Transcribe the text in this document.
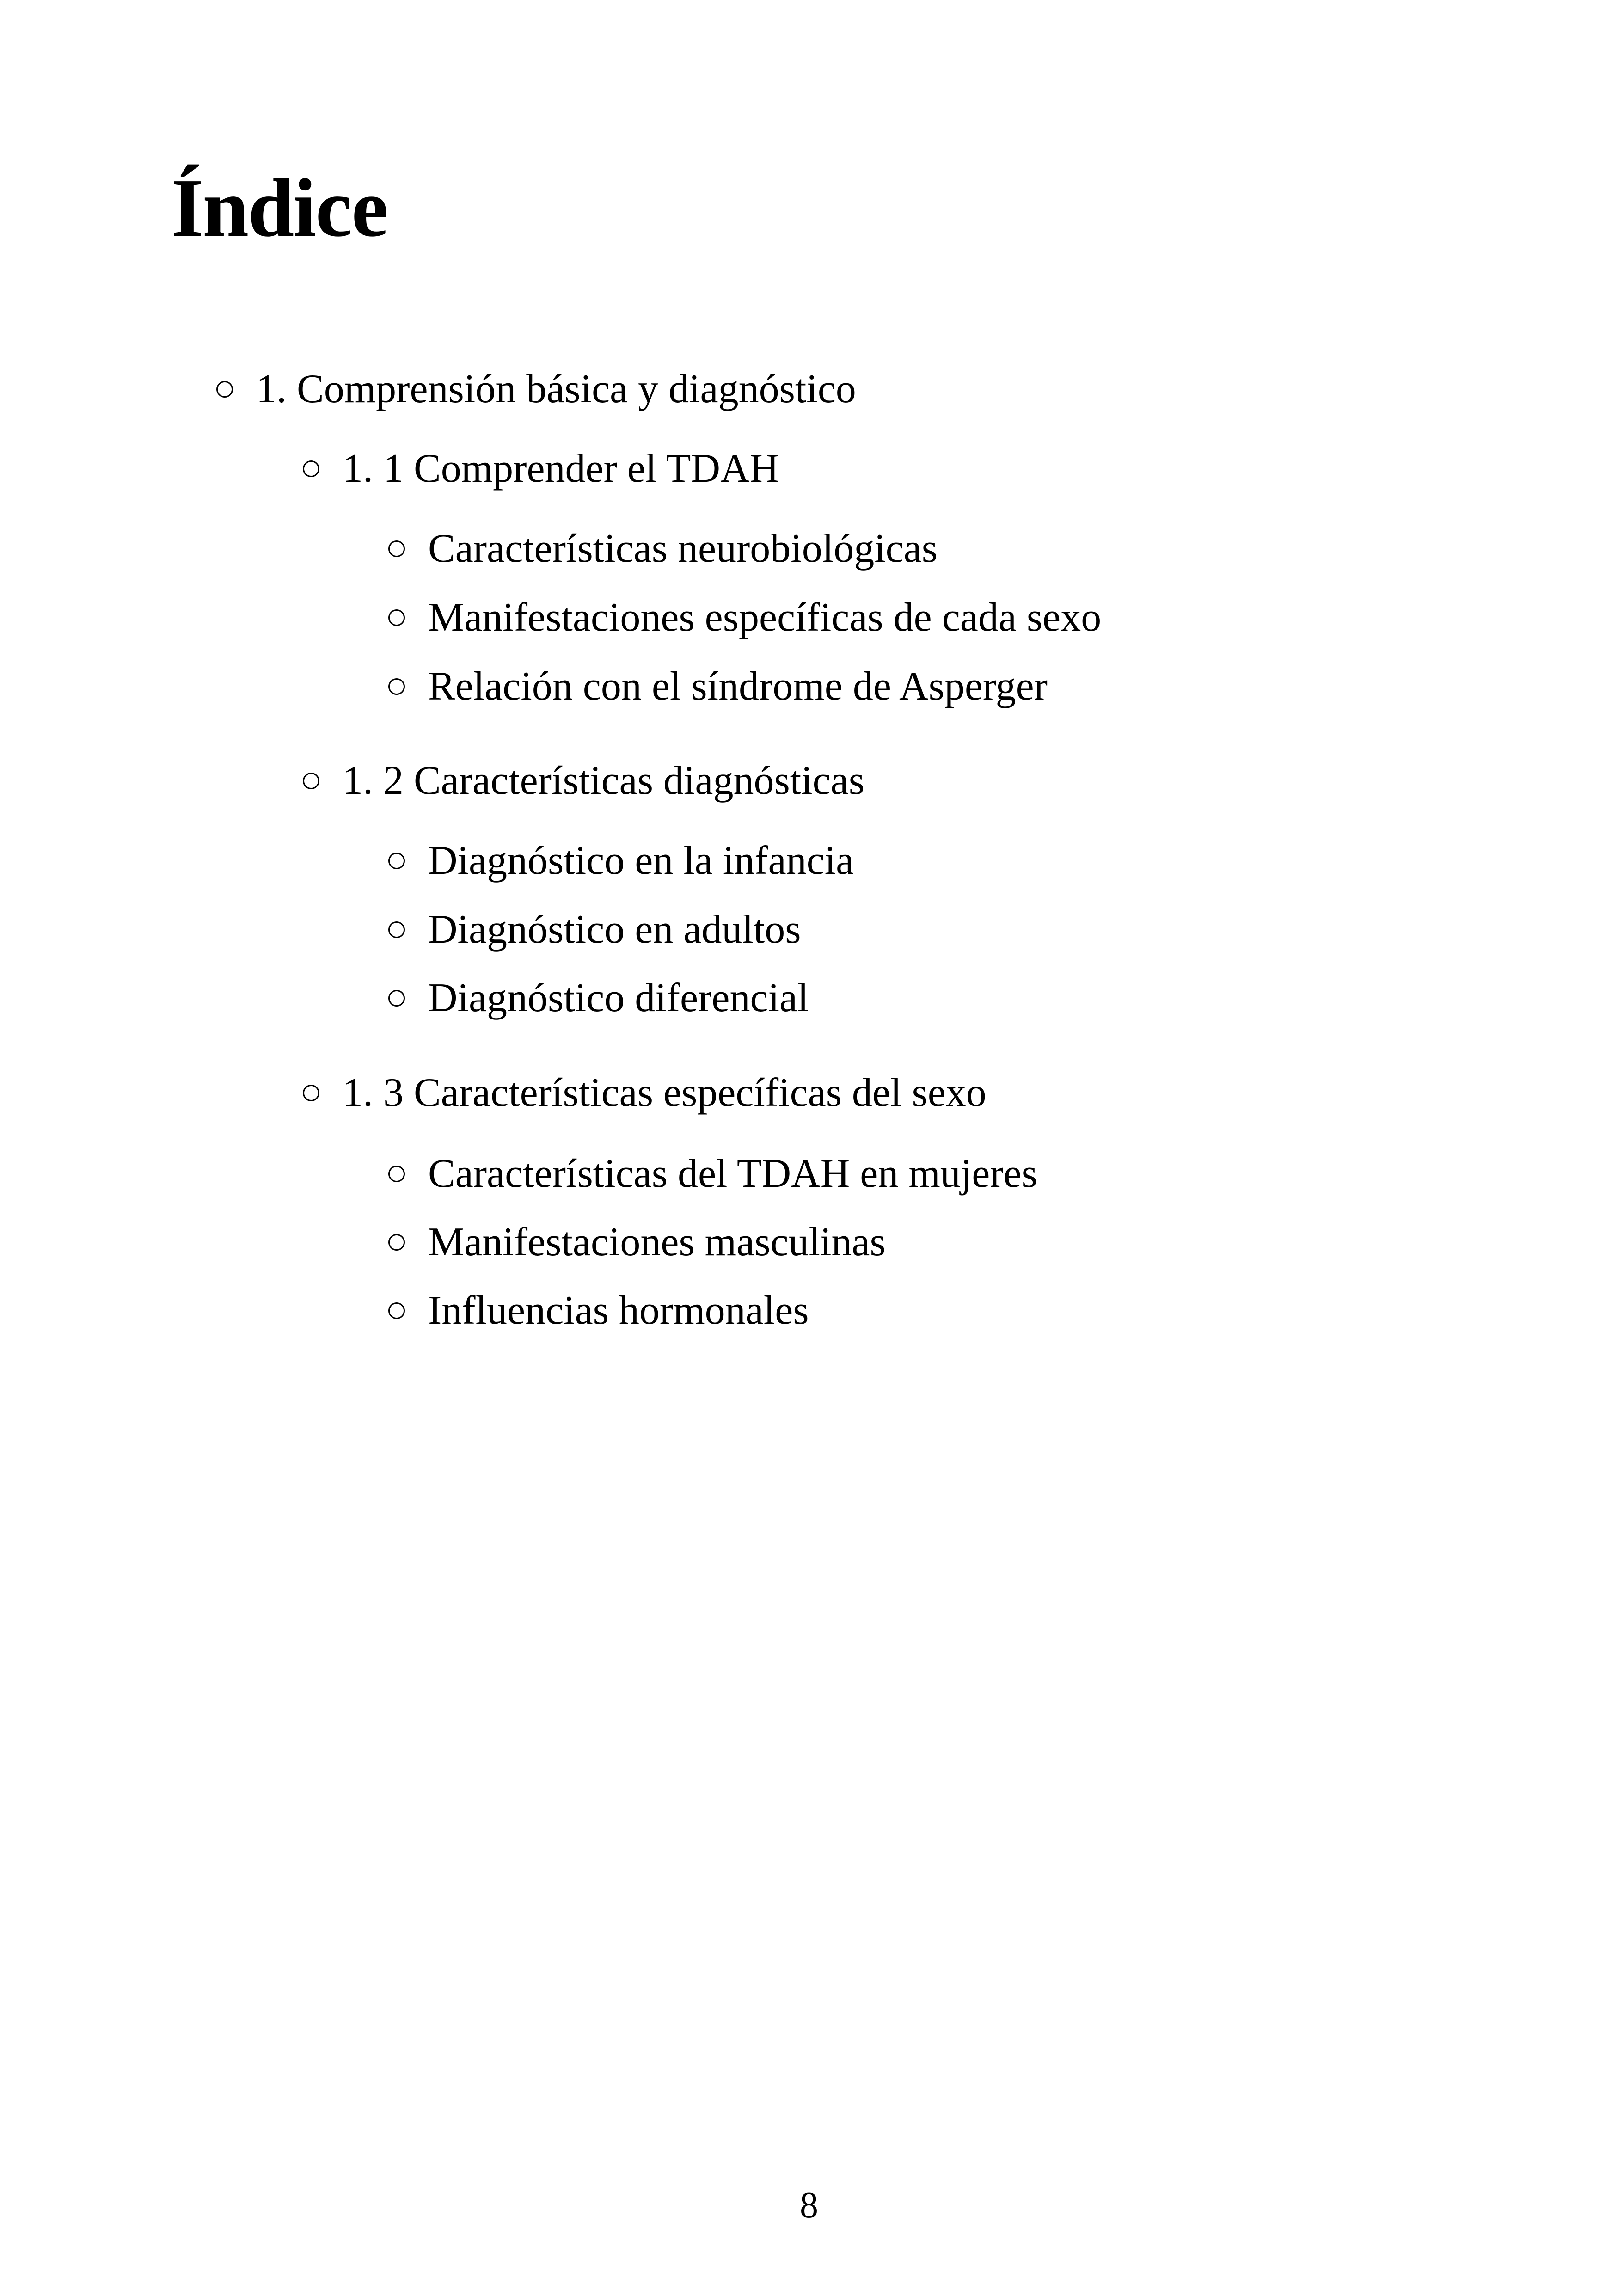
Índice
1. Comprensión básica y diagnóstico
1. 1 Comprender el TDAH
Características neurobiológicas
Manifestaciones específicas de cada sexo
Relación con el síndrome de Asperger
1. 2 Características diagnósticas
Diagnóstico en la infancia
Diagnóstico en adultos
Diagnóstico diferencial
1. 3 Características específicas del sexo
Características del TDAH en mujeres
Manifestaciones masculinas
Influencias hormonales
8
